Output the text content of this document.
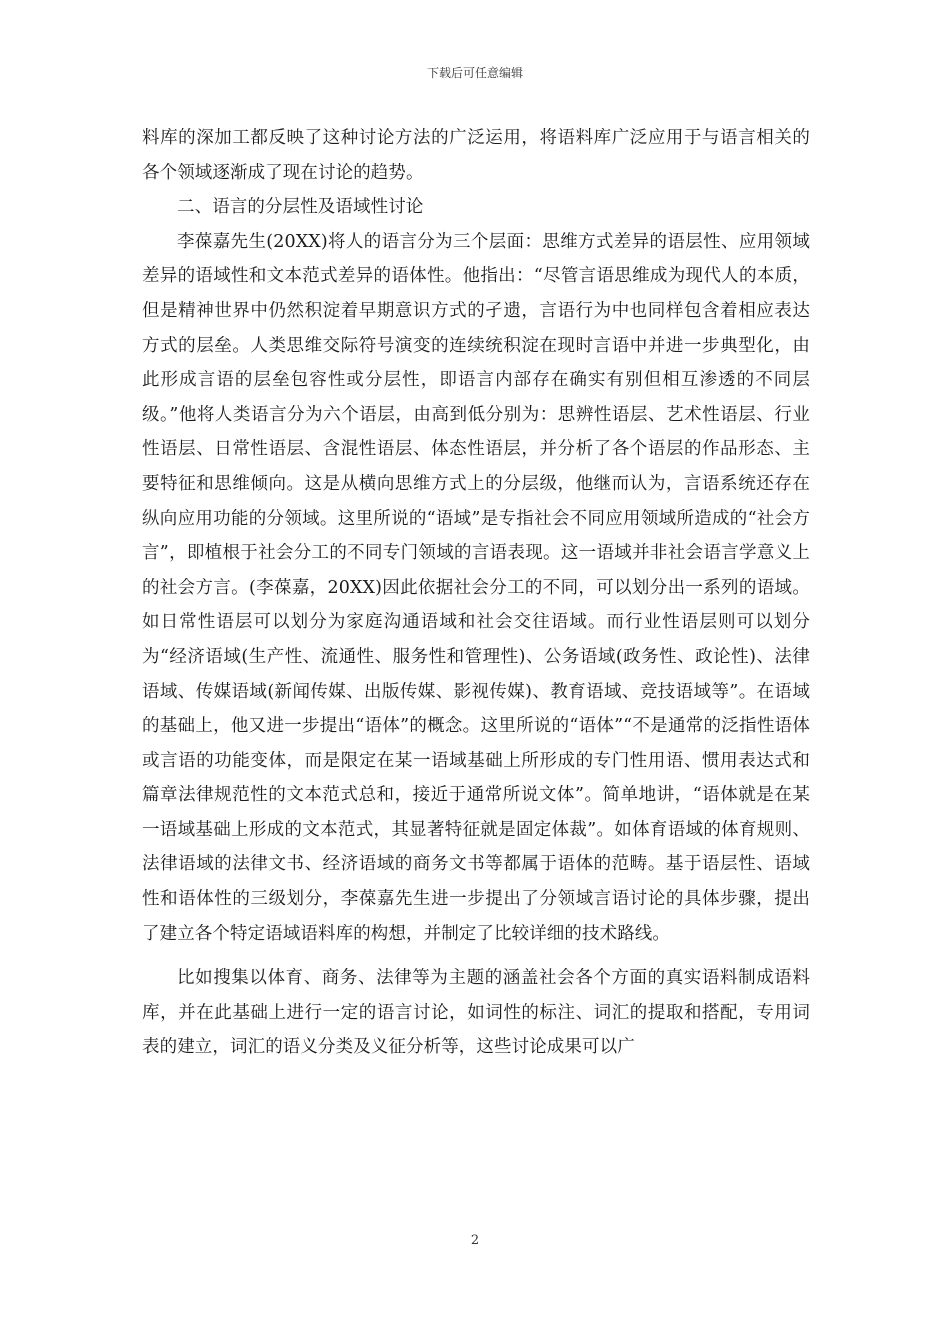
下载后可任意编辑

料库的深加工都反映了这种讨论方法的广泛运用，将语料库广泛应用于与语言相关的各个领域逐渐成了现在讨论的趋势。

二、语言的分层性及语域性讨论

李葆嘉先生(20XX)将人的语言分为三个层面：思维方式差异的语层性、应用领域差异的语域性和文本范式差异的语体性。他指出：“尽管言语思维成为现代人的本质，但是精神世界中仍然积淀着早期意识方式的孑遗，言语行为中也同样包含着相应表达方式的层垒。人类思维交际符号演变的连续统积淀在现时言语中并进一步典型化，由此形成言语的层垒包容性或分层性，即语言内部存在确实有别但相互渗透的不同层级。”他将人类语言分为六个语层，由高到低分别为：思辨性语层、艺术性语层、行业性语层、日常性语层、含混性语层、体态性语层，并分析了各个语层的作品形态、主要特征和思维倾向。这是从横向思维方式上的分层级，他继而认为，言语系统还存在纵向应用功能的分领域。这里所说的“语域”是专指社会不同应用领域所造成的“社会方言”，即植根于社会分工的不同专门领域的言语表现。这一语域并非社会语言学意义上的社会方言。(李葆嘉，20XX)因此依据社会分工的不同，可以划分出一系列的语域。如日常性语层可以划分为家庭沟通语域和社会交往语域。而行业性语层则可以划分为“经济语域(生产性、流通性、服务性和管理性)、公务语域(政务性、政论性)、法律语域、传媒语域(新闻传媒、出版传媒、影视传媒)、教育语域、竞技语域等”。在语域的基础上，他又进一步提出“语体”的概念。这里所说的“语体”“不是通常的泛指性语体或言语的功能变体，而是限定在某一语域基础上所形成的专门性用语、惯用表达式和篇章法律规范性的文本范式总和，接近于通常所说文体”。简单地讲，“语体就是在某一语域基础上形成的文本范式，其显著特征就是固定体裁”。如体育语域的体育规则、法律语域的法律文书、经济语域的商务文书等都属于语体的范畴。基于语层性、语域性和语体性的三级划分，李葆嘉先生进一步提出了分领域言语讨论的具体步骤，提出了建立各个特定语域语料库的构想，并制定了比较详细的技术路线。

比如搜集以体育、商务、法律等为主题的涵盖社会各个方面的真实语料制成语料库，并在此基础上进行一定的语言讨论，如词性的标注、词汇的提取和搭配，专用词表的建立，词汇的语义分类及义征分析等，这些讨论成果可以广

2
